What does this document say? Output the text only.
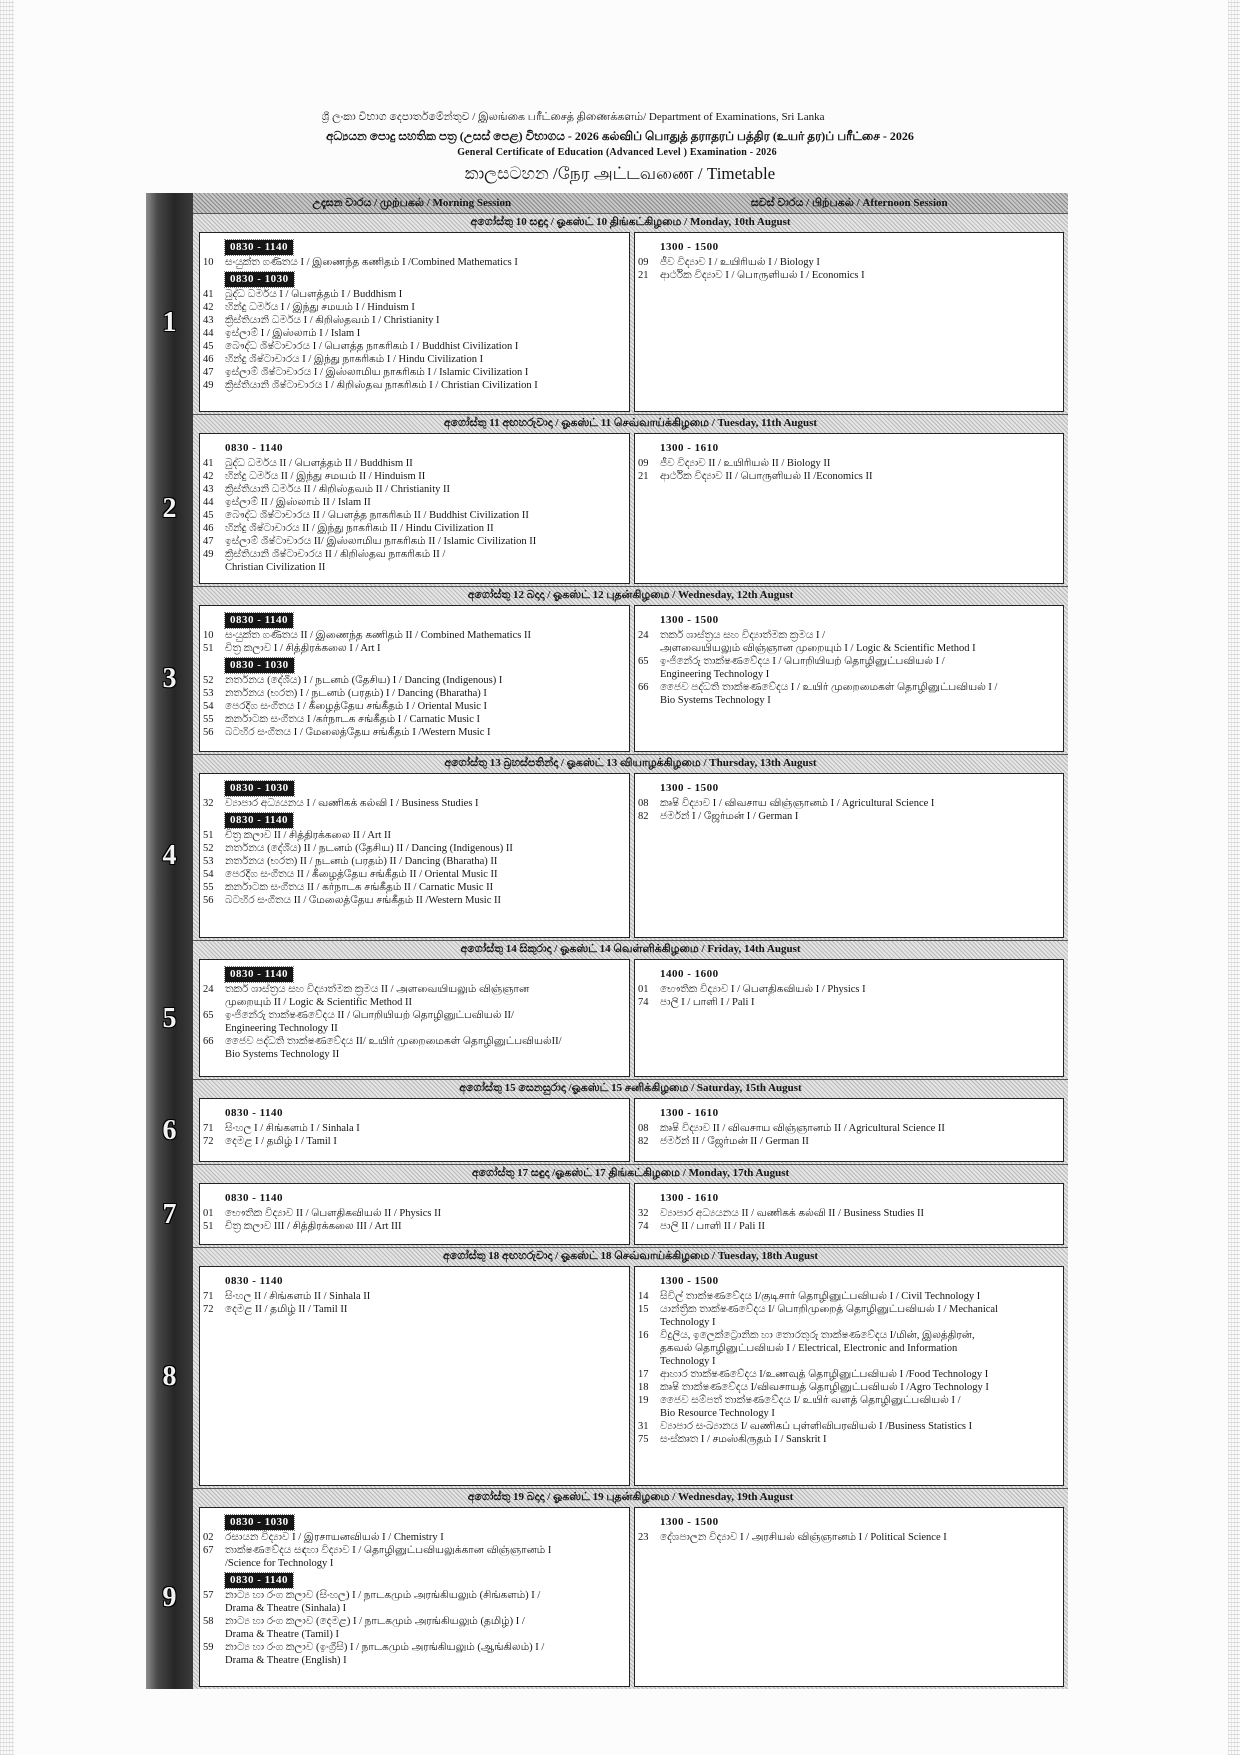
ශ්‍රී ලංකා විභාග දෙපාර්තමේන්තුව / இலங்கை பரீட்சைத் திணைக்களம்/ Department of Examinations, Sri Lanka
අධ්‍යයන පොදු සහතික පත්‍ර (උසස් පෙළ) විභාගය - 2026 கல்விப் பொதுத் தராதரப் பத்திர (உயர் தர)ப் பரீட்சை - 2026
General Certificate of Education (Advanced Level ) Examination - 2026
කාලසටහන /நேர அட்டவணை / Timetable
උදෑසන වාරය / முற்பகல் / Morning Session	සවස් වාරය / பிற்பகல் / Afternoon Session
1
අගෝස්තු 10 සඳුදා / ஓகஸ்ட் 10 திங்கட்கிழமை / Monday, 10th August
0830 - 1140
10	සංයුක්ත ගණිතය I / இணைந்த கணிதம் I /Combined Mathematics I
0830 - 1030
41	බුද්ධ ධර්මය I / பௌத்தம் I / Buddhism I
42	හින්දු ධර්මය I / இந்து சமயம் I / Hinduism I
43	ක්‍රිස්තියානි ධර්මය I / கிறிஸ்தவம் I / Christianity I
44	ඉස්ලාම් I / இஸ்லாம் I / Islam I
45	බෞද්ධ ශිෂ්ටාචාරය I / பௌத்த நாகரிகம் I / Buddhist Civilization I
46	හින්දු ශිෂ්ටාචාරය I / இந்து நாகரிகம் I / Hindu Civilization I
47	ඉස්ලාම් ශිෂ්ටාචාරය I / இஸ்லாமிய நாகரிகம் I / Islamic Civilization I
49	ක්‍රිස්තියානි ශිෂ්ටාචාරය I / கிறிஸ்தவ நாகரிகம் I / Christian Civilization I
1300 - 1500
09	ජීව විද්‍යාව I / உயிரியல் I / Biology I
21	ආර්ථික විද්‍යාව I / பொருளியல் I / Economics I
2
අගෝස්තු 11 අඟහරුවාදා / ஓகஸ்ட் 11 செவ்வாய்க்கிழமை / Tuesday, 11th August
0830 - 1140
41	බුද්ධ ධර්මය II / பௌத்தம் II / Buddhism II
42	හින්දු ධර්මය II / இந்து சமயம் II / Hinduism II
43	ක්‍රිස්තියානි ධර්මය II / கிறிஸ்தவம் II / Christianity II
44	ඉස්ලාම් II / இஸ்லாம் II / Islam II
45	බෞද්ධ ශිෂ්ටාචාරය II / பௌத்த நாகரிகம் II / Buddhist Civilization II
46	හින්දු ශිෂ්ටාචාරය II / இந்து நாகரிகம் II / Hindu Civilization II
47	ඉස්ලාම් ශිෂ්ටාචාරය II/ இஸ்லாமிய நாகரிகம் II / Islamic Civilization II
49	ක්‍රිස්තියානි ශිෂ්ටාචාරය II / கிறிஸ்தவ நாகரிகம் II /
Christian Civilization II
1300 - 1610
09	ජීව විද්‍යාව II / உயிரியல் II / Biology II
21	ආර්ථික විද්‍යාව II / பொருளியல் II /Economics II
3
අගෝස්තු 12 බදාදා / ஓகஸ்ட் 12 புதன்கிழமை / Wednesday, 12th August
0830 - 1140
10	සංයුක්ත ගණිතය II / இணைந்த கணிதம் II / Combined Mathematics II
51	චිත්‍ර කලාව I / சித்திரக்கலை I / Art I
0830 - 1030
52	නර්තනය (දේශීය) I / நடனம் (தேசிய) I / Dancing (Indigenous) I
53	නර්තනය (භරත) I / நடனம் (பரதம்) I / Dancing (Bharatha) I
54	පෙරදිග සංගීතය I / கீழைத்தேய சங்கீதம் I / Oriental Music I
55	කර්නාටක සංගීතය I /கர்நாடக சங்கீதம் I / Carnatic Music I
56	බටහිර සංගීතය I / மேலைத்தேய சங்கீதம் I /Western Music I
1300 - 1500
24	තර්ක ශාස්ත්‍රය සහ විද්‍යාත්මක ක්‍රමය I /
அளவையியலும் விஞ்ஞான முறையும் I / Logic & Scientific Method I
65	ඉංජිනේරු තාක්ෂණවේදය I / பொறியியற் தொழினுட்பவியல் I /
Engineering Technology I
66	ජෛව පද්ධති තාක්ෂණවේදය I / உயிர் முறைமைகள் தொழினுட்பவியல் I /
Bio Systems Technology I
4
අගෝස්තු 13 බ්‍රහස්පතින්දා / ஓகஸ்ட் 13 வியாழக்கிழமை / Thursday, 13th August
0830 - 1030
32	ව්‍යාපාර අධ්‍යයනය I / வணிகக் கல்வி I / Business Studies I
0830 - 1140
51	චිත්‍ර කලාව II / சித்திரக்கலை II / Art II
52	නර්තනය (දේශීය) II / நடனம் (தேசிய) II / Dancing (Indigenous) II
53	නර්තනය (භරත) II / நடனம் (பரதம்) II / Dancing (Bharatha) II
54	පෙරදිග සංගීතය II / கீழைத்தேய சங்கீதம் II / Oriental Music II
55	කර්නාටක සංගීතය II / கர்நாடக சங்கீதம் II / Carnatic Music II
56	බටහිර සංගීතය II / மேலைத்தேய சங்கீதம் II /Western Music II
1300 - 1500
08	කෘෂි විද්‍යාව I / விவசாய விஞ்ஞானம் I / Agricultural Science I
82	ජර්මන් I / ஜேர்மன் I / German I
5
අගෝස්තු 14 සිකුරාදා / ஓகஸ்ட் 14 வெள்ளிக்கிழமை / Friday, 14th August
0830 - 1140
24	තර්ක ශාස්ත්‍රය සහ විද්‍යාත්මක ක්‍රමය II / அளவையியலும் விஞ்ஞான
முறையும் II / Logic & Scientific Method II
65	ඉංජිනේරු තාක්ෂණවේදය II / பொறியியற் தொழினுட்பவியல் II/
Engineering Technology II
66	ජෛව පද්ධති තාක්ෂණවේදය II/ உயிர் முறைமைகள் தொழினுட்பவியல்II/
Bio Systems Technology II
1400 - 1600
01	භෞතික විද්‍යාව I / பௌதிகவியல் I / Physics I
74	පාලි I / பாளி I / Pali I
6
අගෝස්තු 15 සෙනසුරාදා /ஓகஸ்ட் 15 சனிக்கிழமை / Saturday, 15th August
0830 - 1140
71	සිංහල I / சிங்களம் I / Sinhala I
72	දෙමළ I / தமிழ் I / Tamil I
1300 - 1610
08	කෘෂි විද්‍යාව II / விவசாய விஞ்ஞானம் II / Agricultural Science II
82	ජර්මන් II / ஜேர்மன் II / German II
7
අගෝස්තු 17 සඳුදා /ஓகஸ்ட் 17 திங்கட்கிழமை / Monday, 17th August
0830 - 1140
01	භෞතික විද්‍යාව II / பௌதிகவியல் II / Physics II
51	චිත්‍ර කලාව III / சித்திரக்கலை III / Art III
1300 - 1610
32	ව්‍යාපාර අධ්‍යයනය II / வணிகக் கல்வி II / Business Studies II
74	පාලි II / பாளி II / Pali II
8
අගෝස්තු 18 අඟහරුවාදා / ஓகஸ்ட் 18 செவ்வாய்க்கிழமை / Tuesday, 18th August
0830 - 1140
71	සිංහල II / சிங்களம் II / Sinhala II
72	දෙමළ II / தமிழ் II / Tamil II
1300 - 1500
14	සිවිල් තාක්ෂණවේදය I/குடிசார் தொழினுட்பவியல் I / Civil Technology I
15	යාන්ත්‍රික තාක්ෂණවේදය I/ பொறிமுறைத் தொழினுட்பவியல் I / Mechanical
Technology I
16	විදුලිය, ඉලෙක්ට්‍රොනික හා තොරතුරු තාක්ෂණවේදය I/மின், இலத்திரன்,
தகவல் தொழினுட்பவியல் I / Electrical, Electronic and Information
Technology I
17	ආහාර තාක්ෂණවේදය I/உணவுத் தொழினுட்பவியல் I /Food Technology I
18	කෘෂි තාක්ෂණවේදය I/விவசாயத் தொழினுட்பவியல் I /Agro Technology I
19	ජෛව සම්පත් තාක්ෂණවේදය I/ உயிர் வளத் தொழினுட்பவியல் I /
Bio Resource Technology I
31	ව්‍යාපාර සංඛ්‍යානය I/ வணிகப் புள்ளிவிபரவியல் I /Business Statistics I
75	සංස්කෘත I / சமஸ்கிருதம் I / Sanskrit I
9
අගෝස්තු 19 බදාදා / ஓகஸ்ட் 19 புதன்கிழமை / Wednesday, 19th August
0830 - 1030
02	රසායන විද්‍යාව I / இரசாயனவியல் I / Chemistry I
67	තාක්ෂණවේදය සඳහා විද්‍යාව I / தொழினுட்பவியலுக்கான விஞ்ஞானம் I
/Science for Technology I
0830 - 1140
57	නාට්‍ය හා රංග කලාව (සිංහල) I / நாடகமும் அரங்கியலும் (சிங்களம்) I /
Drama & Theatre (Sinhala) I
58	නාට්‍ය හා රංග කලාව (දෙමළ) I / நாடகமும் அரங்கியலும் (தமிழ்) I /
Drama & Theatre (Tamil) I
59	නාට්‍ය හා රංග කලාව (ඉංග්‍රීසි) I / நாடகமும் அரங்கியலும் (ஆங்கிலம்) I /
Drama & Theatre (English) I
1300 - 1500
23	දේශපාලන විද්‍යාව I / அரசியல் விஞ்ஞானம் I / Political Science I
